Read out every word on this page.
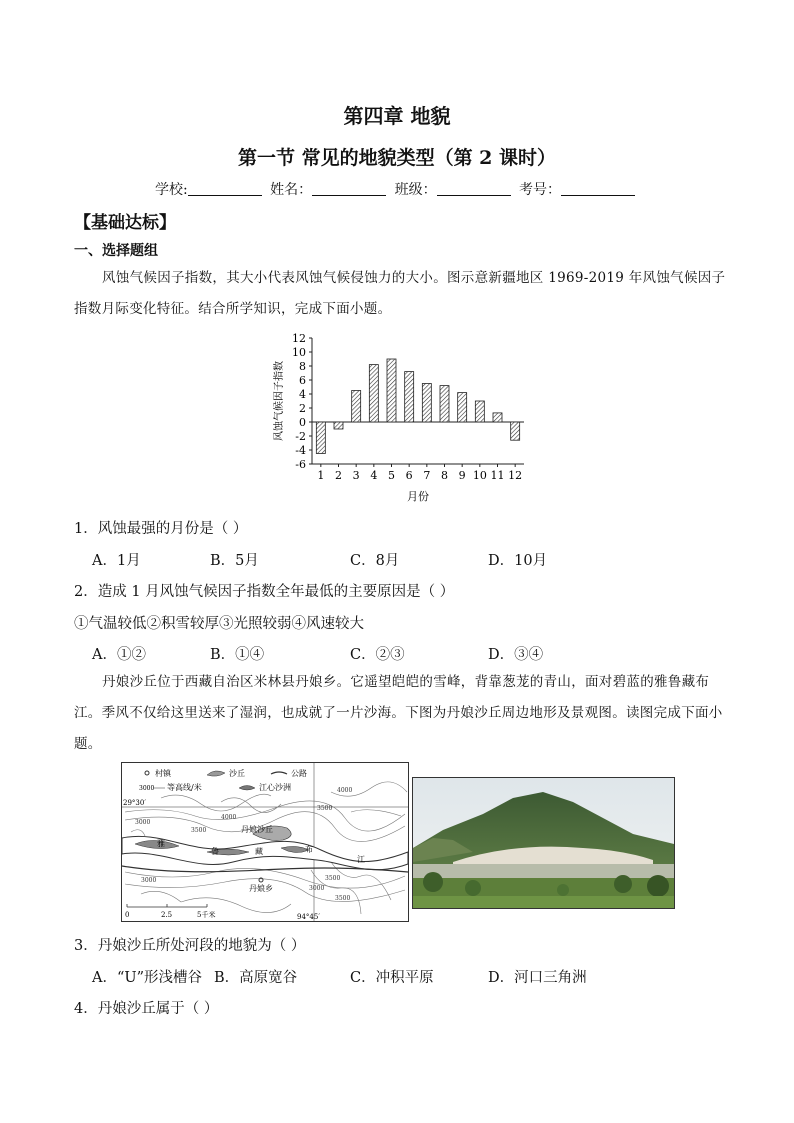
第四章 地貌
第一节 常见的地貌类型（第 2 课时）
学校:	姓名：	班级：	考号：
【基础达标】
一、选择题组
风蚀气候因子指数，其大小代表风蚀气候侵蚀力的大小。图示意新疆地区 1969-2019 年风蚀气候因子指数月际变化特征。结合所学知识，完成下面小题。
12
10
8
6
4
2
0
-2
-4
-6
1 2 3 4 5 6 7 8 9 10 11 12
月份
风蚀气候因子指数
1．风蚀最强的月份是（ ）
A．1月	B．5月	C．8月	D．10月
2．造成 1 月风蚀气候因子指数全年最低的主要原因是（ ）
①气温较低②积雪较厚③光照较弱④风速较大
A．①②	B．①④	C．②③	D．③④
丹娘沙丘位于西藏自治区米林县丹娘乡。它遥望皑皑的雪峰，背靠葱茏的青山，面对碧蓝的雅鲁藏布江。季风不仅给这里送来了湿润，也成就了一片沙海。下图为丹娘沙丘周边地形及景观图。读图完成下面小题。
村镇	沙丘	公路
3000 等高线/米	江心沙洲
29°30′
94°45′
雅
鲁	藏	布
江
丹娘沙丘
丹娘乡
4000
3500
3000
3500
4000
3500
3000
3500
3000
0	2.5	5千米
3．丹娘沙丘所处河段的地貌为（ ）
A．“U”形浅槽谷 B．高原宽谷	C．冲积平原	D．河口三角洲
4．丹娘沙丘属于（ ）
